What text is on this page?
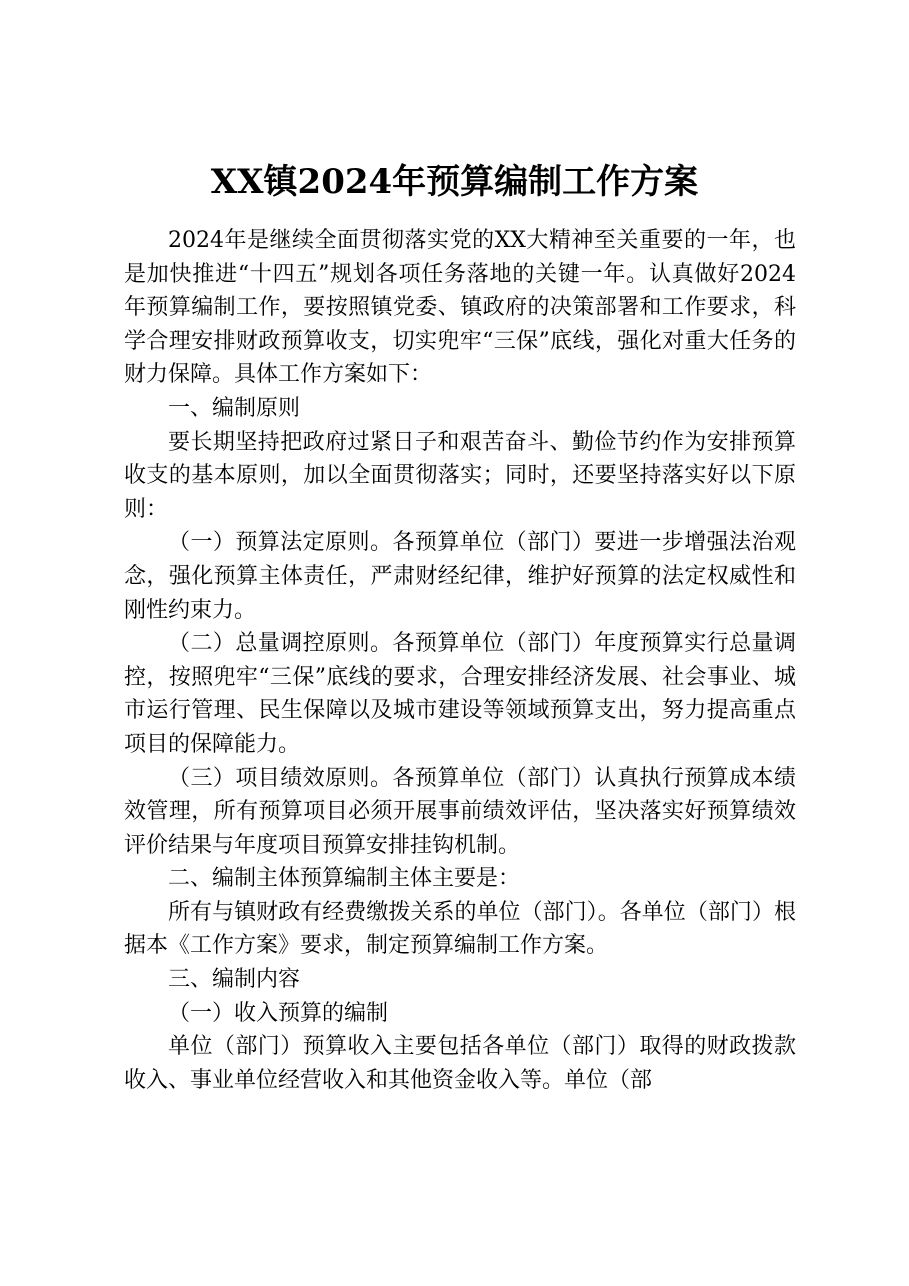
XX镇2024年预算编制工作方案

2024年是继续全面贯彻落实党的XX大精神至关重要的一年，也是加快推进“十四五”规划各项任务落地的关键一年。认真做好2024年预算编制工作，要按照镇党委、镇政府的决策部署和工作要求，科学合理安排财政预算收支，切实兜牢“三保”底线，强化对重大任务的财力保障。具体工作方案如下：

一、编制原则

要长期坚持把政府过紧日子和艰苦奋斗、勤俭节约作为安排预算收支的基本原则，加以全面贯彻落实；同时，还要坚持落实好以下原则：

（一）预算法定原则。各预算单位（部门）要进一步增强法治观念，强化预算主体责任，严肃财经纪律，维护好预算的法定权威性和刚性约束力。

（二）总量调控原则。各预算单位（部门）年度预算实行总量调控，按照兜牢“三保”底线的要求，合理安排经济发展、社会事业、城市运行管理、民生保障以及城市建设等领域预算支出，努力提高重点项目的保障能力。

（三）项目绩效原则。各预算单位（部门）认真执行预算成本绩效管理，所有预算项目必须开展事前绩效评估，坚决落实好预算绩效评价结果与年度项目预算安排挂钩机制。

二、编制主体预算编制主体主要是：

所有与镇财政有经费缴拨关系的单位（部门）。各单位（部门）根据本《工作方案》要求，制定预算编制工作方案。

三、编制内容

（一）收入预算的编制

单位（部门）预算收入主要包括各单位（部门）取得的财政拨款收入、事业单位经营收入和其他资金收入等。单位（部
